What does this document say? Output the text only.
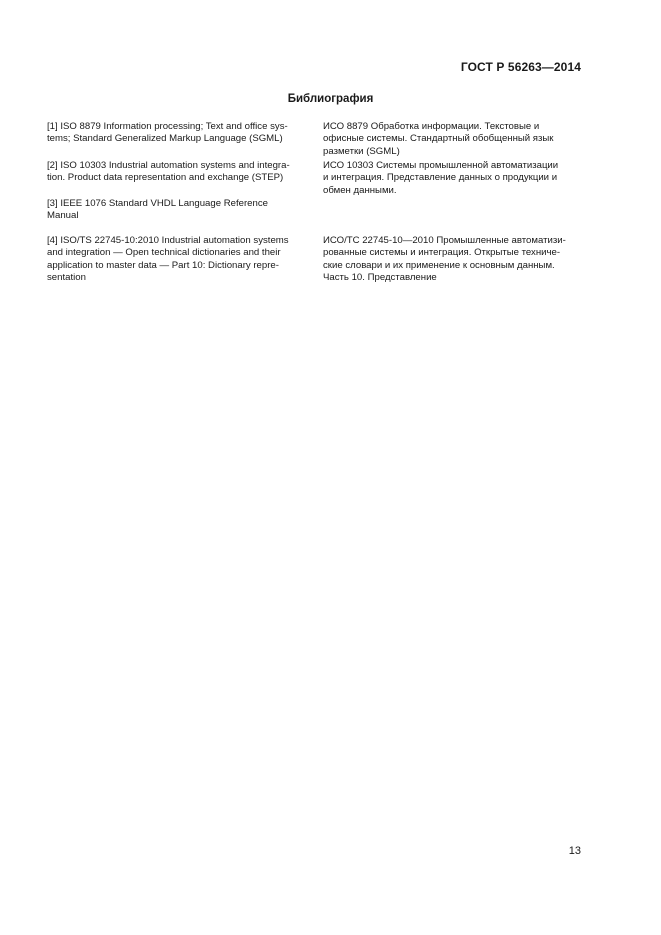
ГОСТ Р 56263—2014
Библиография
[1] ISO 8879 Information processing; Text and office sys-
tems; Standard Generalized Markup Language (SGML)
ИСО 8879 Обработка информации. Текстовые и
офисные системы. Стандартный обобщенный язык
разметки (SGML)
[2] ISO 10303 Industrial automation systems and integra-
tion. Product data representation and exchange (STEP)
ИСО 10303 Системы промышленной автоматизации
и интеграция. Представление данных о продукции и
обмен данными.
[3] IEEE 1076 Standard VHDL Language Reference
Manual
[4] ISO/TS 22745-10:2010 Industrial automation systems
and integration — Open technical dictionaries and their
application to master data — Part 10: Dictionary repre-
sentation
ИСО/ТС 22745-10—2010 Промышленные автоматизи-
рованные системы и интеграция. Открытые техниче-
ские словари и их применение к основным данным.
Часть 10. Представление
13
